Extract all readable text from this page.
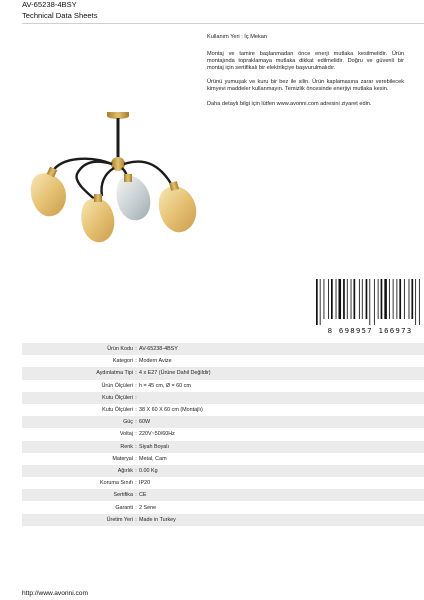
AV-65238-4BSY
Technical Data Sheets

Kullanım Yeri : İç Mekan

Montaj ve tamire başlanmadan önce enerji mutlaka kesilmelidir. Ürün montajında topraklamaya mutlaka dikkat edilmelidir. Doğru ve güvenli bir montaj için sertifikalı bir elektrikçiye başvurulmalıdır.

Ürünü yumuşak ve kuru bir bez ile silin. Ürün kaplamasına zarar verebilecek kimyevi maddeler kullanmayın. Temizlik öncesinde enerjiyi mutlaka kesin.

Daha detaylı bilgi için lütfen www.avonni.com adresini ziyaret edin.

8 698957 166973
Ürün Kodu : AV-65238-4BSY
Kategori : Modern Avize
Aydınlatma Tipi : 4 x E27 (Ürüne Dahil Değildir)
Ürün Ölçüleri : h = 45 cm, Ø = 60 cm
Kutu Ölçüleri :
Kutu Ölçüleri : 38 X 60 X 60 cm (Montajlı)
Güç : 60W
Voltaj : 220V~50/60Hz
Renk : Siyah Boyalı
Materyal : Metal, Cam
Ağırlık : 0.00 Kg
Koruma Sınıfı : IP20
Sertifika : CE
Garanti : 2 Sene
Üretim Yeri : Made in Turkey
http://www.avonni.com
